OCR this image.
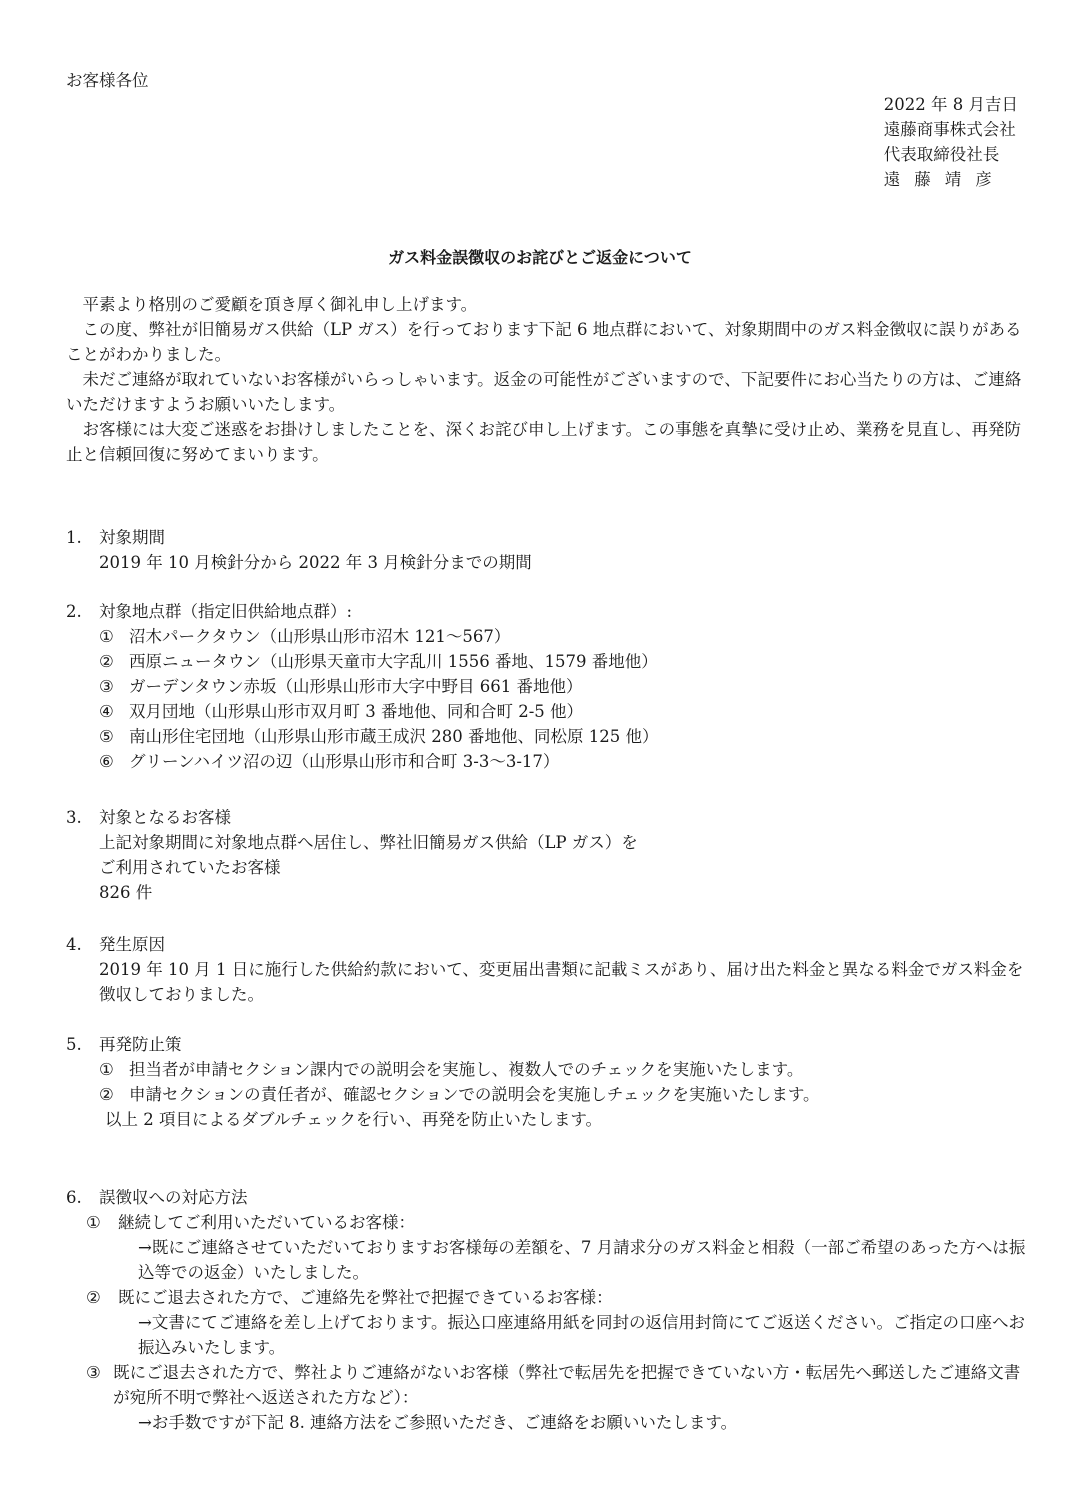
お客様各位
2022 年 8 月吉日
遠藤商事株式会社
代表取締役社長
遠藤靖彦
ガス料金誤徴収のお詫びとご返金について

平素より格別のご愛顧を頂き厚く御礼申し上げます。

この度、弊社が旧簡易ガス供給（LP ガス）を行っております下記 6 地点群において、対象期間中のガス料金徴収に誤りがあることがわかりました。

未だご連絡が取れていないお客様がいらっしゃいます。返金の可能性がございますので、下記要件にお心当たりの方は、ご連絡いただけますようお願いいたします。

お客様には大変ご迷惑をお掛けしましたことを、深くお詫び申し上げます。この事態を真摯に受け止め、業務を見直し、再発防止と信頼回復に努めてまいります。

1.	対象期間
2019 年 10 月検針分から 2022 年 3 月検針分までの期間
2.	対象地点群（指定旧供給地点群）:
① 沼木パークタウン（山形県山形市沼木 121～567）
② 西原ニュータウン（山形県天童市大字乱川 1556 番地、1579 番地他）
③ ガーデンタウン赤坂（山形県山形市大字中野目 661 番地他）
④ 双月団地（山形県山形市双月町 3 番地他、同和合町 2-5 他）
⑤ 南山形住宅団地（山形県山形市蔵王成沢 280 番地他、同松原 125 他）
⑥ グリーンハイツ沼の辺（山形県山形市和合町 3-3～3-17）
3.	対象となるお客様
上記対象期間に対象地点群へ居住し、弊社旧簡易ガス供給（LP ガス）を
ご利用されていたお客様
826 件
4.	発生原因
2019 年 10 月 1 日に施行した供給約款において、変更届出書類に記載ミスがあり、届け出た料金と異なる料金でガス料金を徴収しておりました。
5.	再発防止策
① 担当者が申請セクション課内での説明会を実施し、複数人でのチェックを実施いたします。
② 申請セクションの責任者が、確認セクションでの説明会を実施しチェックを実施いたします。
以上 2 項目によるダブルチェックを行い、再発を防止いたします。
6.	誤徴収への対応方法
①	継続してご利用いただいているお客様：
→既にご連絡させていただいておりますお客様毎の差額を、7 月請求分のガス料金と相殺（一部ご希望のあった方へは振込等での返金）いたしました。
②	既にご退去された方で、ご連絡先を弊社で把握できているお客様：
→文書にてご連絡を差し上げております。振込口座連絡用紙を同封の返信用封筒にてご返送ください。ご指定の口座へお振込みいたします。
③ 既にご退去された方で、弊社よりご連絡がないお客様（弊社で転居先を把握できていない方・転居先へ郵送したご連絡文書が宛所不明で弊社へ返送された方など）：
→お手数ですが下記 8. 連絡方法をご参照いただき、ご連絡をお願いいたします。
